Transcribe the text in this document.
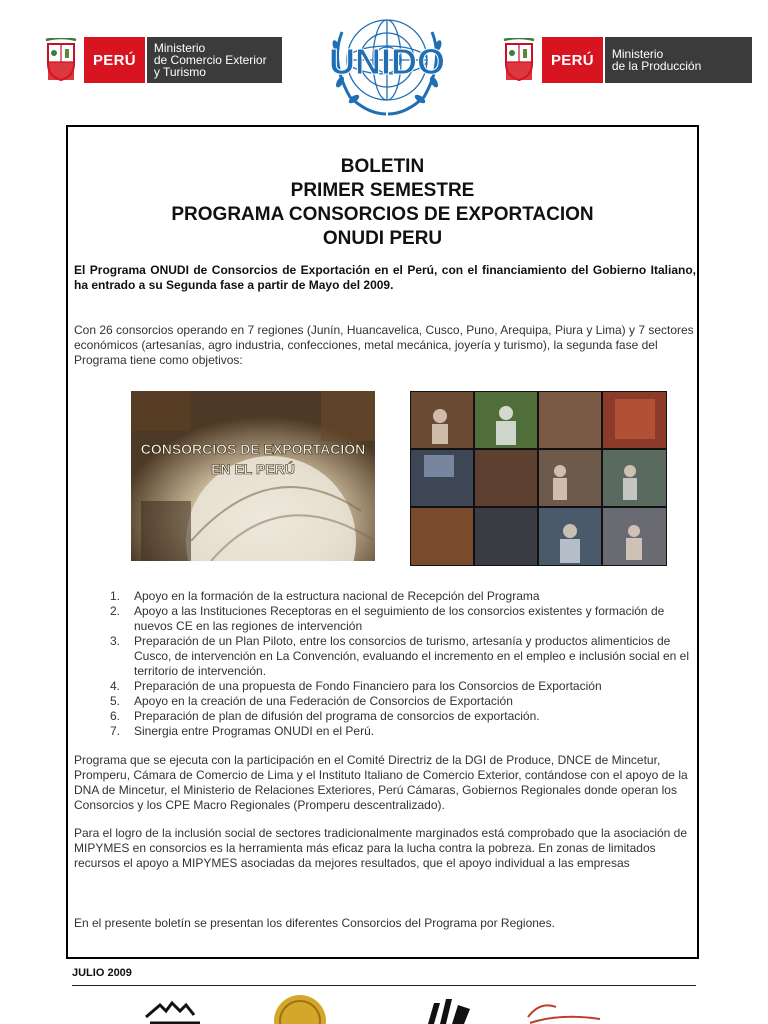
PERÚ
Ministerio
de Comercio Exterior
y Turismo	UNIDO	PERÚ	Ministerio
de la Producción
BOLETIN
PRIMER SEMESTRE
PROGRAMA CONSORCIOS DE EXPORTACION
ONUDI PERU
El Programa ONUDI de Consorcios de Exportación en el Perú, con el financiamiento del Gobierno Italiano, ha entrado a su Segunda fase a partir de Mayo del 2009.
Con 26 consorcios operando en 7 regiones (Junín, Huancavelica, Cusco, Puno, Arequipa, Piura y Lima) y 7 sectores económicos (artesanías, agro industria, confecciones, metal mecánica, joyería y turismo), la segunda fase del Programa tiene como objetivos:
CONSORCIOS DE EXPORTACIÓN
EN EL PERÚ
1.	Apoyo en la formación de la estructura nacional de Recepción del Programa
2.	Apoyo a las Instituciones Receptoras en el seguimiento de los consorcios existentes y formación de nuevos CE en las regiones de intervención
3.	Preparación de un Plan Piloto, entre los consorcios de turismo, artesanía y productos alimenticios de Cusco, de intervención en La Convención, evaluando el incremento en el empleo e inclusión social en el territorio de intervención.
4.	Preparación de una propuesta de Fondo Financiero para los Consorcios de Exportación
5.	Apoyo en la creación de una Federación de Consorcios de Exportación
6.	Preparación de plan de difusión del programa de consorcios de exportación.
7.	Sinergia entre Programas ONUDI en el Perú.
Programa que se ejecuta con la participación en el Comité Directriz de la DGI de Produce, DNCE de Mincetur, Promperu, Cámara de Comercio de Lima y el Instituto Italiano de Comercio Exterior, contándose con el apoyo de la DNA de Mincetur, el Ministerio de Relaciones Exteriores, Perú Cámaras, Gobiernos Regionales donde operan los Consorcios y los CPE Macro Regionales (Promperu descentralizado).
Para el logro de la inclusión social de sectores tradicionalmente marginados está comprobado que la asociación de MIPYMES en consorcios es la herramienta más eficaz para la lucha contra la pobreza. En zonas de limitados recursos el apoyo a MIPYMES asociadas da mejores resultados, que el apoyo individual a las empresas
En el presente boletín se presentan los diferentes Consorcios del Programa por Regiones.
JULIO 2009
